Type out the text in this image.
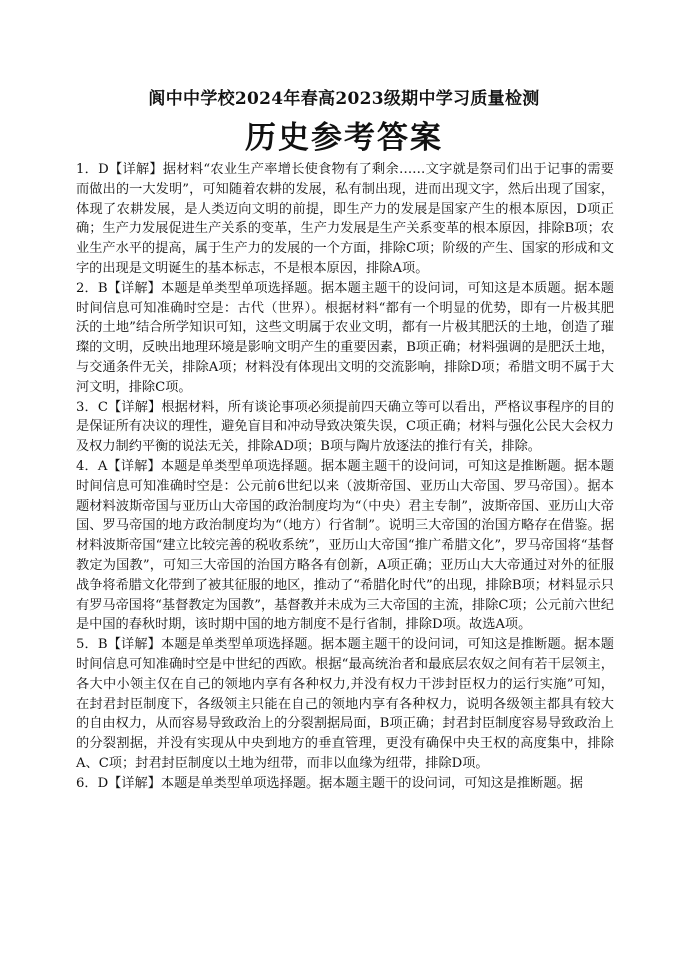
阆中中学校2024年春高2023级期中学习质量检测
历史参考答案

1．D【详解】据材料“农业生产率增长使食物有了剩余……文字就是祭司们出于记事的需要而做出的一大发明”，可知随着农耕的发展，私有制出现，进而出现文字，然后出现了国家，体现了农耕发展，是人类迈向文明的前提，即生产力的发展是国家产生的根本原因，D项正确；生产力发展促进生产关系的变革，生产力发展是生产关系变革的根本原因，排除B项；农业生产水平的提高，属于生产力的发展的一个方面，排除C项；阶级的产生、国家的形成和文字的出现是文明诞生的基本标志，不是根本原因，排除A项。

2．B【详解】本题是单类型单项选择题。据本题主题干的设问词，可知这是本质题。据本题时间信息可知准确时空是：古代（世界）。根据材料“都有一个明显的优势，即有一片极其肥沃的土地”结合所学知识可知，这些文明属于农业文明，都有一片极其肥沃的土地，创造了璀璨的文明，反映出地理环境是影响文明产生的重要因素，B项正确；材料强调的是肥沃土地，与交通条件无关，排除A项；材料没有体现出文明的交流影响，排除D项；希腊文明不属于大河文明，排除C项。

3．C【详解】根据材料，所有谈论事项必须提前四天确立等可以看出，严格议事程序的目的是保证所有决议的理性，避免盲目和冲动导致决策失误，C项正确；材料与强化公民大会权力及权力制约平衡的说法无关，排除AD项；B项与陶片放逐法的推行有关，排除。

4．A【详解】本题是单类型单项选择题。据本题主题干的设问词，可知这是推断题。据本题时间信息可知准确时空是：公元前6世纪以来（波斯帝国、亚历山大帝国、罗马帝国）。据本题材料波斯帝国与亚历山大帝国的政治制度均为“（中央）君主专制”，波斯帝国、亚历山大帝国、罗马帝国的地方政治制度均为“（地方）行省制”。说明三大帝国的治国方略存在借鉴。据材料波斯帝国“建立比较完善的税收系统”，亚历山大帝国“推广希腊文化”，罗马帝国将“基督教定为国教”，可知三大帝国的治国方略各有创新，A项正确；亚历山大大帝通过对外的征服战争将希腊文化带到了被其征服的地区，推动了“希腊化时代”的出现，排除B项；材料显示只有罗马帝国将“基督教定为国教”，基督教并未成为三大帝国的主流，排除C项；公元前六世纪是中国的春秋时期，该时期中国的地方制度不是行省制，排除D项。故选A项。

5．B【详解】本题是单类型单项选择题。据本题主题干的设问词，可知这是推断题。据本题时间信息可知准确时空是中世纪的西欧。根据“最高统治者和最底层农奴之间有若干层领主，各大中小领主仅在自己的领地内享有各种权力,并没有权力干涉封臣权力的运行实施”可知，在封君封臣制度下，各级领主只能在自己的领地内享有各种权力，说明各级领主都具有较大的自由权力，从而容易导致政治上的分裂割据局面，B项正确；封君封臣制度容易导致政治上的分裂割据，并没有实现从中央到地方的垂直管理，更没有确保中央王权的高度集中，排除A、C项；封君封臣制度以土地为纽带，而非以血缘为纽带，排除D项。

6．D【详解】本题是单类型单项选择题。据本题主题干的设问词，可知这是推断题。据
